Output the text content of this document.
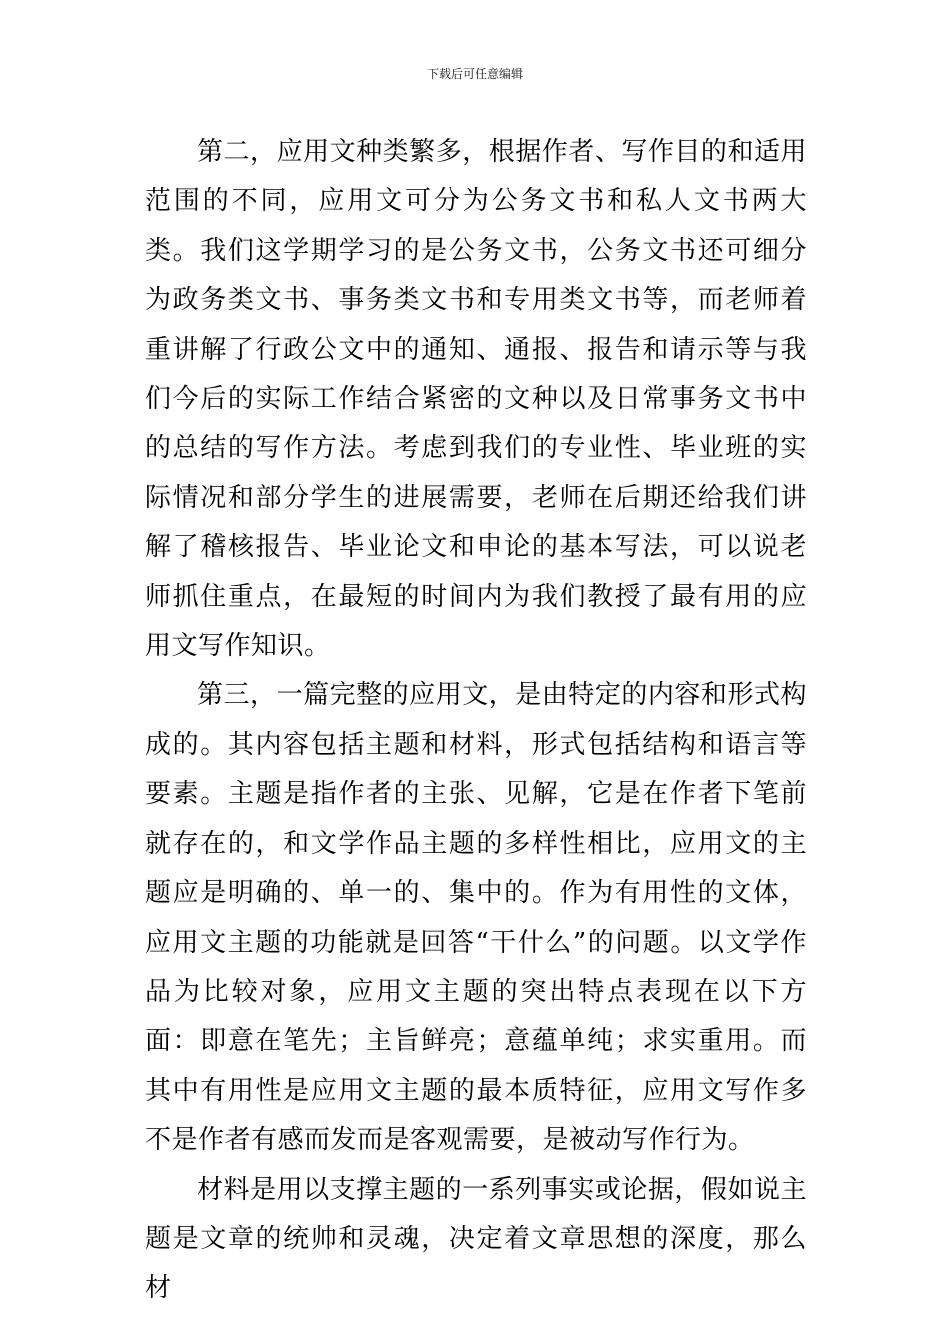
下载后可任意编辑

第二，应用文种类繁多，根据作者、写作目的和适用范围的不同，应用文可分为公务文书和私人文书两大类。我们这学期学习的是公务文书，公务文书还可细分为政务类文书、事务类文书和专用类文书等，而老师着重讲解了行政公文中的通知、通报、报告和请示等与我们今后的实际工作结合紧密的文种以及日常事务文书中的总结的写作方法。考虑到我们的专业性、毕业班的实际情况和部分学生的进展需要，老师在后期还给我们讲解了稽核报告、毕业论文和申论的基本写法，可以说老师抓住重点，在最短的时间内为我们教授了最有用的应用文写作知识。

第三，一篇完整的应用文，是由特定的内容和形式构成的。其内容包括主题和材料，形式包括结构和语言等要素。主题是指作者的主张、见解，它是在作者下笔前就存在的，和文学作品主题的多样性相比，应用文的主题应是明确的、单一的、集中的。作为有用性的文体，应用文主题的功能就是回答“干什么”的问题。以文学作品为比较对象，应用文主题的突出特点表现在以下方面：即意在笔先；主旨鲜亮；意蕴单纯；求实重用。而其中有用性是应用文主题的最本质特征，应用文写作多不是作者有感而发而是客观需要，是被动写作行为。

材料是用以支撑主题的一系列事实或论据，假如说主题是文章的统帅和灵魂，决定着文章思想的深度，那么材
